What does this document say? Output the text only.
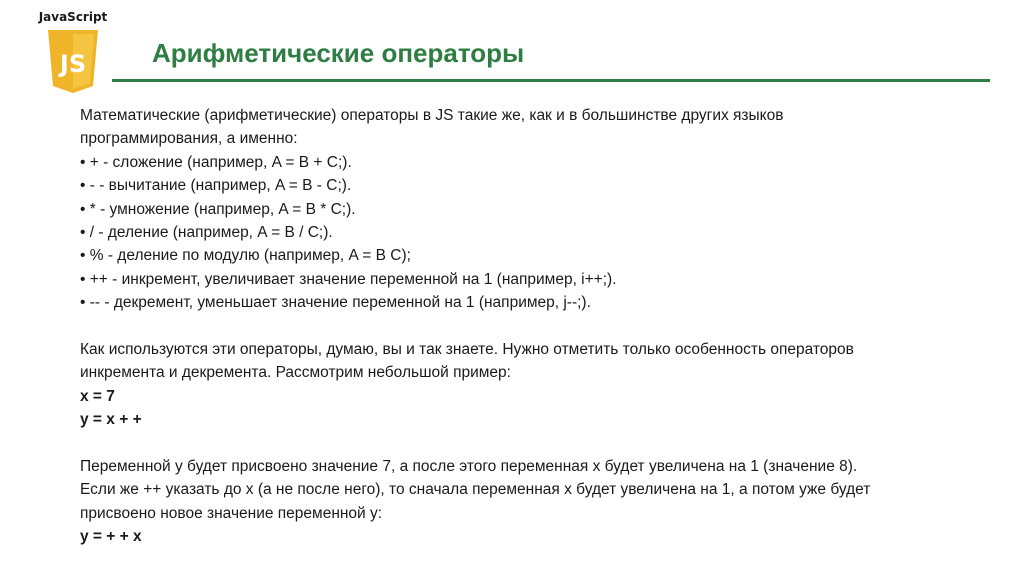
JavaScript
JS	Арифметические операторы
Математические (арифметические) операторы в JS такие же, как и в большинстве других языков
программирования, а именно:
• + - сложение (например, A = B + C;).
• - - вычитание (например, A = B - C;).
• * - умножение (например, A = B * C;).
• / - деление (например, A = B / C;).
• % - деление по модулю (например, A = B C);
• ++ - инкремент, увеличивает значение переменной на 1 (например, i++;).
• -- - декремент, уменьшает значение переменной на 1 (например, j--;).
Как используются эти операторы, думаю, вы и так знаете. Нужно отметить только особенность операторов
инкремента и декремента. Рассмотрим небольшой пример:
x = 7
y = x + +
Переменной y будет присвоено значение 7, а после этого переменная x будет увеличена на 1 (значение 8).
Если же ++ указать до x (а не после него), то сначала переменная x будет увеличена на 1, а потом уже будет
присвоено новое значение переменной y:
y = + + x
